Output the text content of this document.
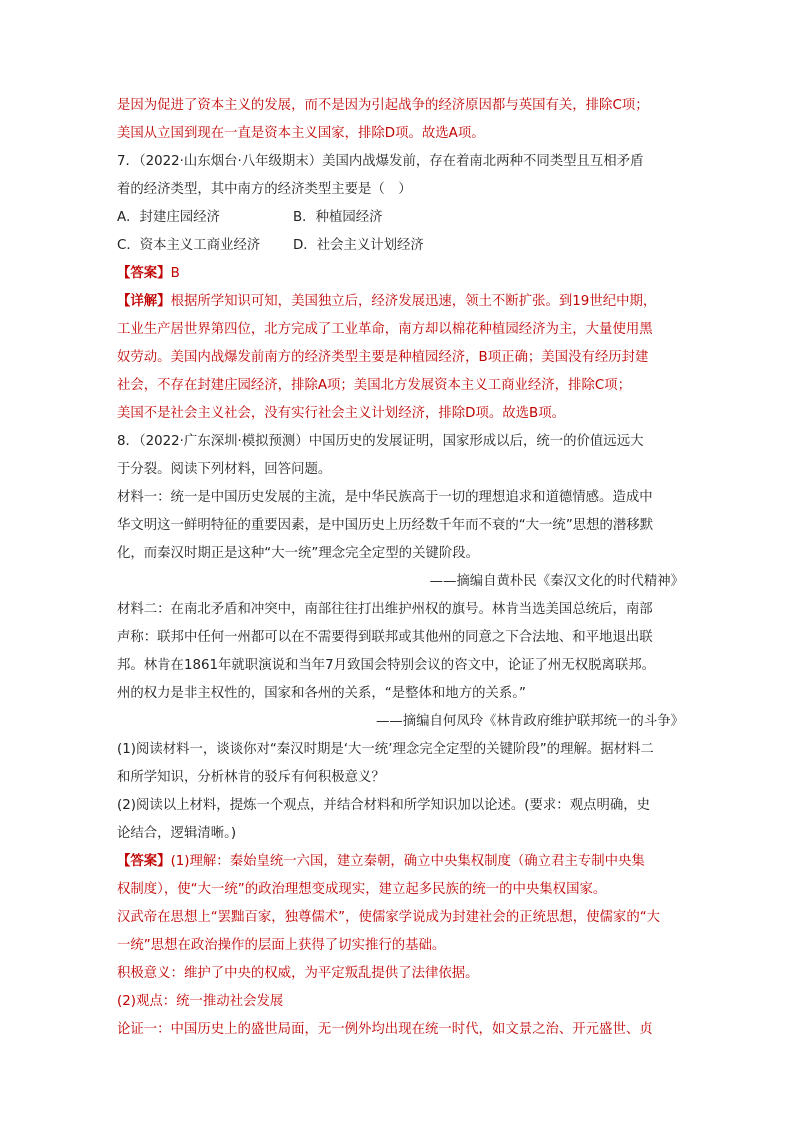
是因为促进了资本主义的发展，而不是因为引起战争的经济原因都与英国有关，排除C项；

美国从立国到现在一直是资本主义国家，排除D项。故选A项。

7．（2022·山东烟台·八年级期末）美国内战爆发前，存在着南北两种不同类型且互相矛盾

着的经济类型，其中南方的经济类型主要是（　）

A．封建庄园经济	B．种植园经济

C．资本主义工商业经济 D．社会主义计划经济

【答案】B

【详解】根据所学知识可知，美国独立后，经济发展迅速，领土不断扩张。到19世纪中期，

工业生产居世界第四位，北方完成了工业革命，南方却以棉花种植园经济为主，大量使用黑

奴劳动。美国内战爆发前南方的经济类型主要是种植园经济，B项正确；美国没有经历封建

社会，不存在封建庄园经济，排除A项；美国北方发展资本主义工商业经济，排除C项；

美国不是社会主义社会，没有实行社会主义计划经济，排除D项。故选B项。

8．（2022·广东深圳·模拟预测）中国历史的发展证明，国家形成以后，统一的价值远远大

于分裂。阅读下列材料，回答问题。

材料一：统一是中国历史发展的主流，是中华民族高于一切的理想追求和道德情感。造成中

华文明这一鲜明特征的重要因素，是中国历史上历经数千年而不衰的“大一统”思想的潜移默

化，而秦汉时期正是这种“大一统”理念完全定型的关键阶段。

——摘编自黄朴民《秦汉文化的时代精神》

材料二：在南北矛盾和冲突中，南部往往打出维护州权的旗号。林肯当选美国总统后，南部

声称：联邦中任何一州都可以在不需要得到联邦或其他州的同意之下合法地、和平地退出联

邦。林肯在1861年就职演说和当年7月致国会特别会议的咨文中，论证了州无权脱离联邦。

州的权力是非主权性的，国家和各州的关系，“是整体和地方的关系。”

——摘编自何凤玲《林肯政府维护联邦统一的斗争》

(1)阅读材料一，谈谈你对“秦汉时期是‘大一统’理念完全定型的关键阶段”的理解。据材料二

和所学知识，分析林肯的驳斥有何积极意义？

(2)阅读以上材料，提炼一个观点，并结合材料和所学知识加以论述。(要求：观点明确，史

论结合，逻辑清晰。)

【答案】(1)理解：秦始皇统一六国，建立秦朝，确立中央集权制度（确立君主专制中央集

权制度），使“大一统”的政治理想变成现实，建立起多民族的统一的中央集权国家。

汉武帝在思想上“罢黜百家，独尊儒术”，使儒家学说成为封建社会的正统思想，使儒家的“大

一统”思想在政治操作的层面上获得了切实推行的基础。

积极意义：维护了中央的权威，为平定叛乱提供了法律依据。

(2)观点：统一推动社会发展

论证一：中国历史上的盛世局面，无一例外均出现在统一时代，如文景之治、开元盛世、贞
